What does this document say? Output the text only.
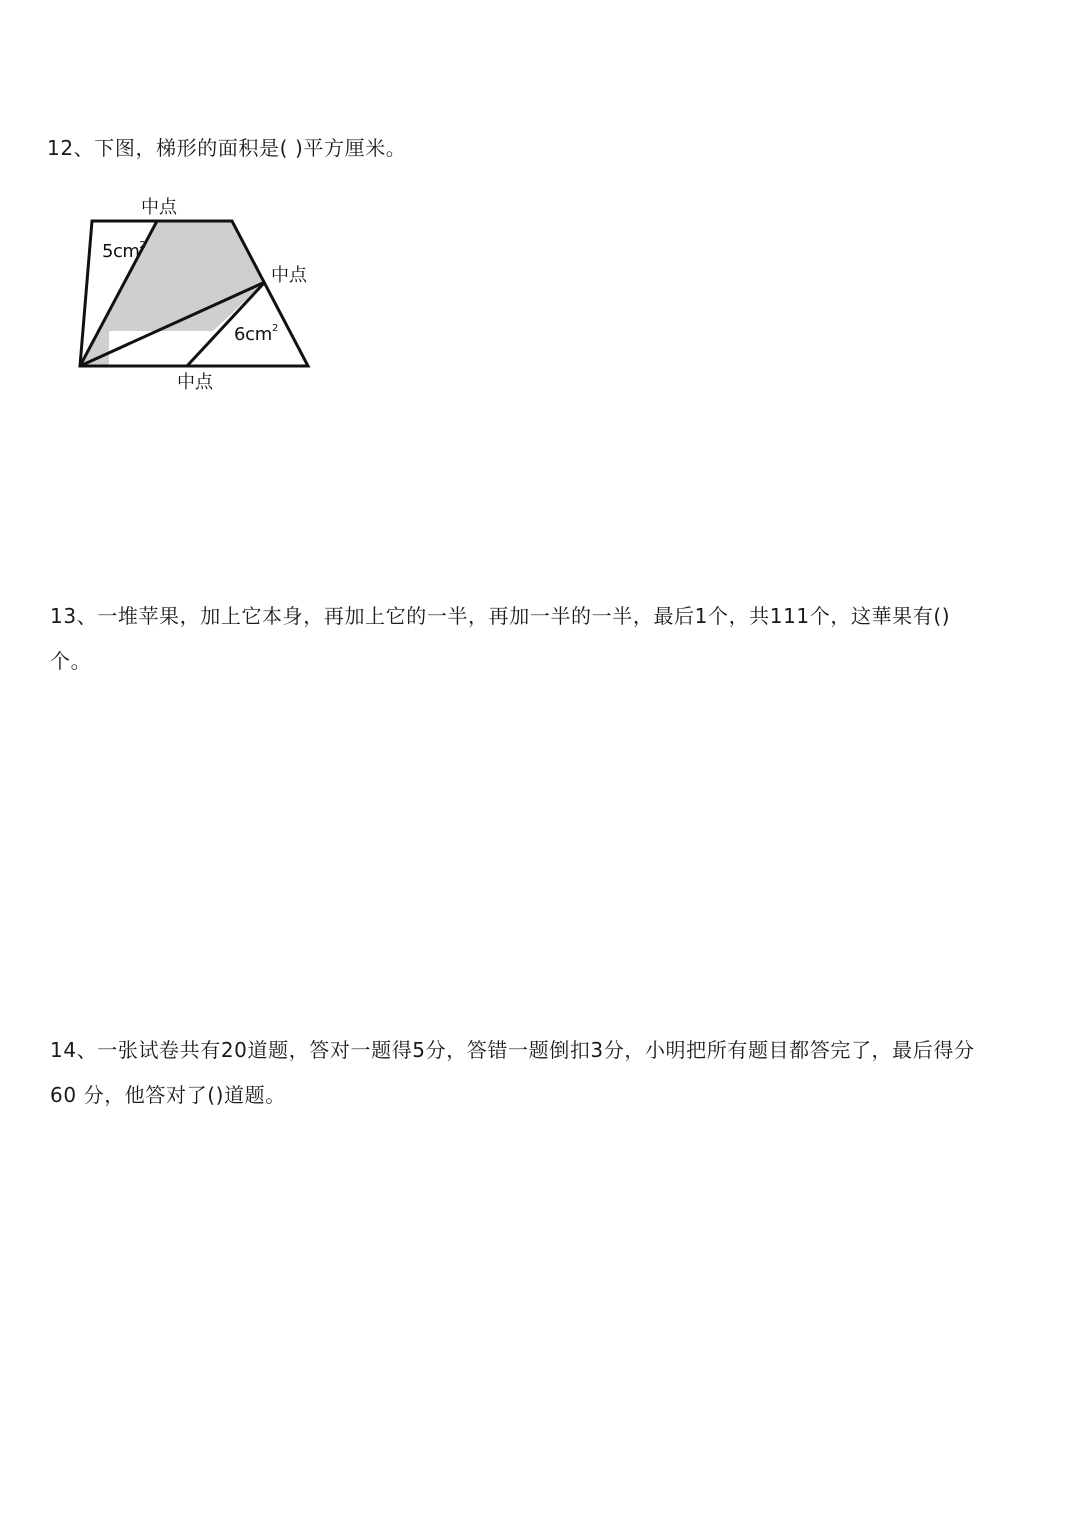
12、下图，梯形的面积是( )平方厘米。
中点
中点
中点
$5cm^2$
$6cm^2$
13、一堆苹果，加上它本身，再加上它的一半，再加一半的一半，最后1个，共111个，这華果有()
个。
14、一张试卷共有20道题，答对一题得5分，答错一题倒扣3分，小明把所有题目都答完了，最后得分
60 分，他答对了()道题。
